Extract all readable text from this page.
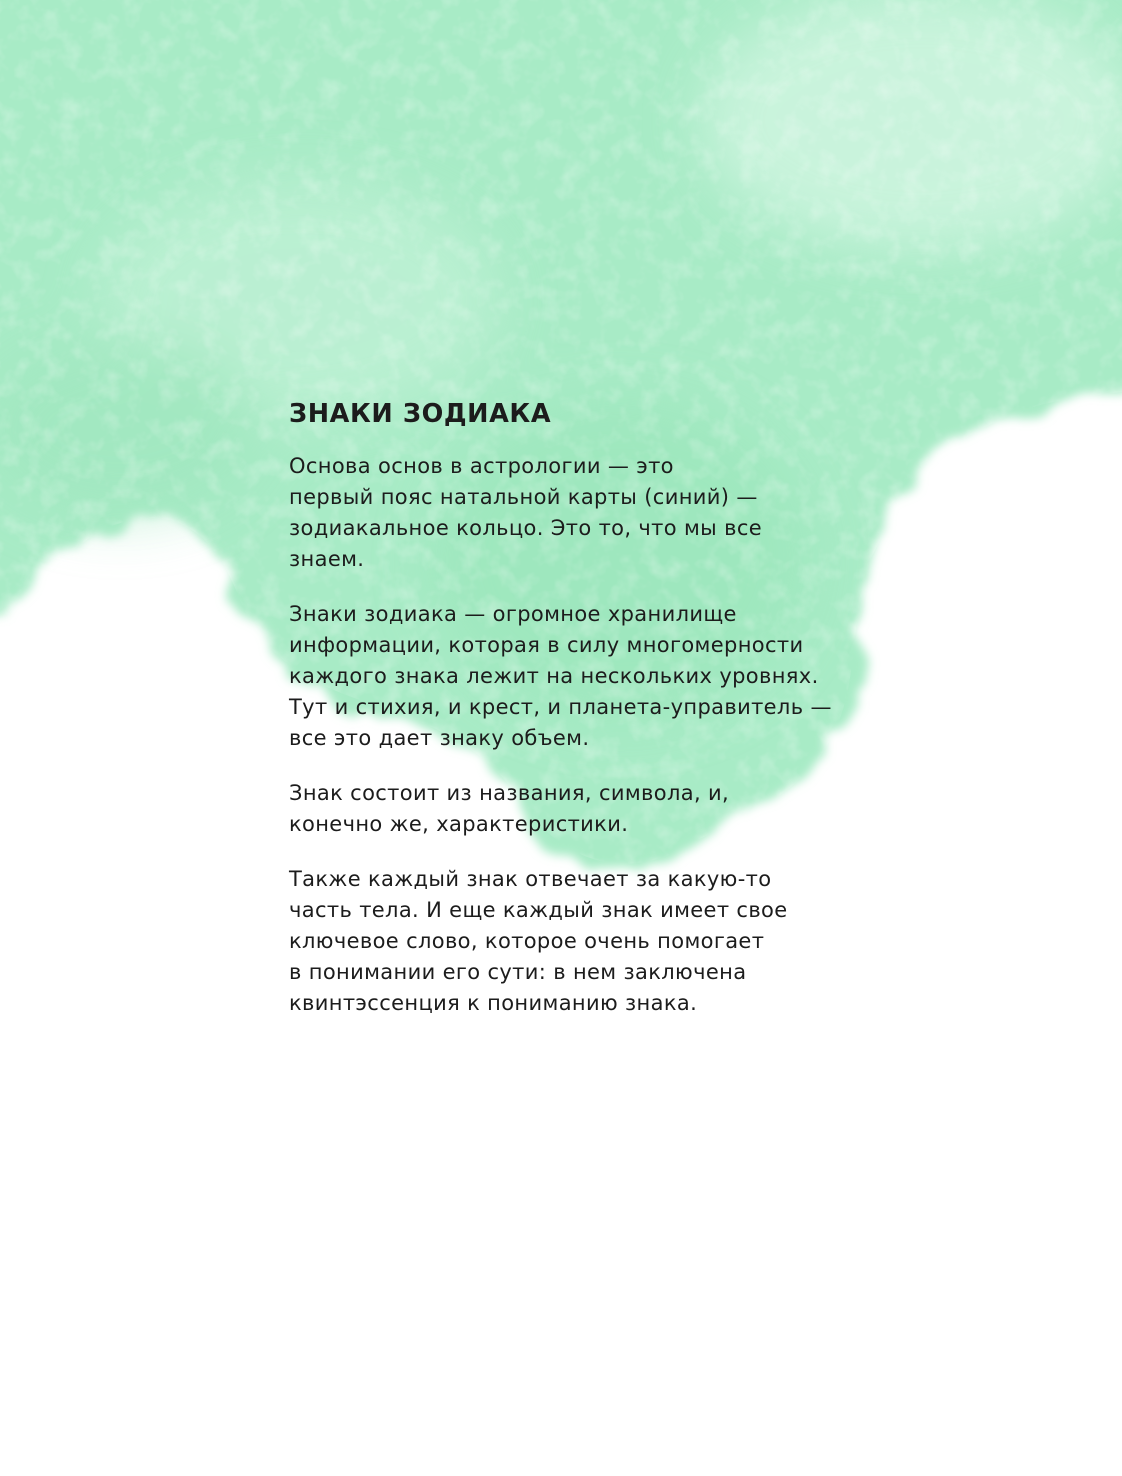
ЗНАКИ ЗОДИАКА

Основа основ в астрологии — это
первый пояс натальной карты (синий) —
зодиакальное кольцо. Это то, что мы все
знаем.

Знаки зодиака — огромное хранилище
информации, которая в силу многомерности
каждого знака лежит на нескольких уровнях.
Тут и стихия, и крест, и планета-управитель —
все это дает знаку объем.

Знак состоит из названия, символа, и,
конечно же, характеристики.

Также каждый знак отвечает за какую-то
часть тела. И еще каждый знак имеет свое
ключевое слово, которое очень помогает
в понимании его сути: в нем заключена
квинтэссенция к пониманию знака.
